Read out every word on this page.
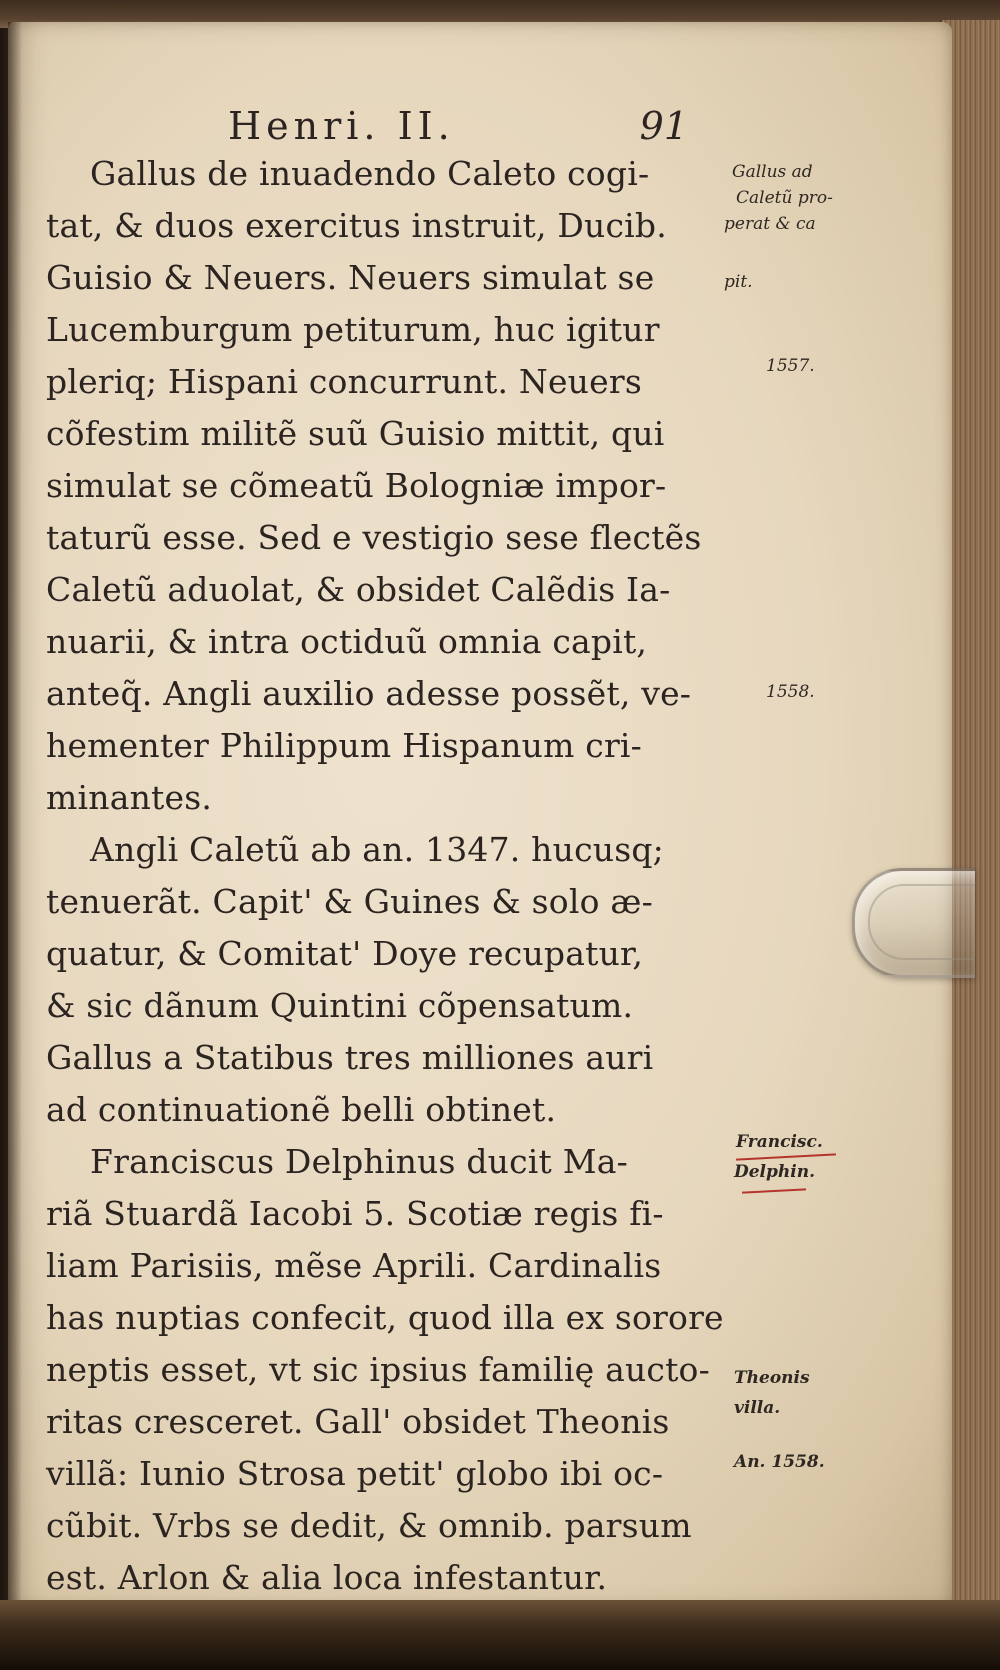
Henri. II.	91
Gallus de inuadendo Caleto cogi-
tat, & duos exercitus instruit, Ducib.
Guisio & Neuers. Neuers simulat se
Lucemburgum petiturum, huc igitur
pleriq; Hispani concurrunt. Neuers
cõfestim militẽ suũ Guisio mittit, qui
simulat se cõmeatũ Bologniæ impor-
taturũ esse. Sed e vestigio sese flectẽs
Caletũ aduolat, & obsidet Calẽdis Ia-
nuarii, & intra octiduũ omnia capit,
anteq̃. Angli auxilio adesse possẽt, ve-
hementer Philippum Hispanum cri-
minantes.
Angli Caletũ ab an. 1347. hucusq;
tenuerãt. Capit' & Guines & solo æ-
quatur, & Comitat' Doye recupatur,
& sic dãnum Quintini cõpensatum.
Gallus a Statibus tres milliones auri
ad continuationẽ belli obtinet.
Franciscus Delphinus ducit Ma-
riã Stuardã Iacobi 5. Scotiæ regis fi-
liam Parisiis, mẽse Aprili. Cardinalis
has nuptias confecit, quod illa ex sorore
neptis esset, vt sic ipsius familię aucto-
ritas cresceret. Gall' obsidet Theonis
villã: Iunio Strosa petit' globo ibi oc-
cũbit. Vrbs se dedit, & omnib. parsum
est. Arlon & alia loca infestantur.
Gallus ad
Caletũ pro-
perat & ca
pit.
1557.
1558.
Francisc.
Delphin.
Theonis
villa.
An. 1558.
